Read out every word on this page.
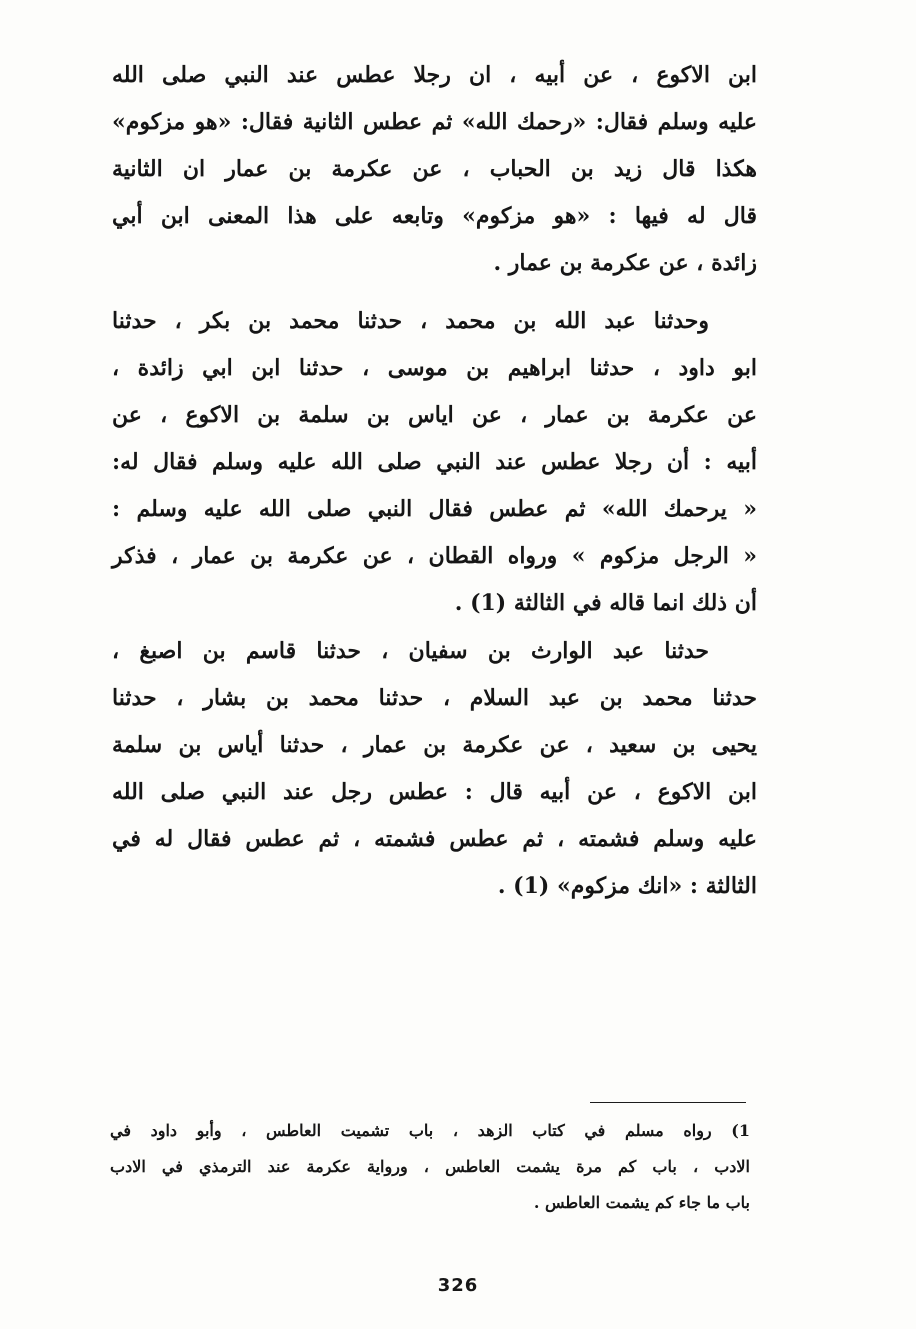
ابن الاكوع ، عن أبيه ، ان رجلا عطس عند النبي صلى الله
عليه وسلم فقال: «رحمك الله» ثم عطس الثانية فقال: «هو مزكوم»
هكذا قال زيد بن الحباب ، عن عكرمة بن عمار ان الثانية
قال له فيها : «هو مزكوم» وتابعه على هذا المعنى ابن أبي
زائدة ، عن عكرمة بن عمار .
وحدثنا عبد الله بن محمد ، حدثنا محمد بن بكر ، حدثنا
ابو داود ، حدثنا ابراهيم بن موسى ، حدثنا ابن ابي زائدة ،
عن عكرمة بن عمار ، عن اياس بن سلمة بن الاكوع ، عن
أبيه : أن رجلا عطس عند النبي صلى الله عليه وسلم فقال له:
« يرحمك الله» ثم عطس فقال النبي صلى الله عليه وسلم :
« الرجل مزكوم » ورواه القطان ، عن عكرمة بن عمار ، فذكر
أن ذلك انما قاله في الثالثة (1) .
حدثنا عبد الوارث بن سفيان ، حدثنا قاسم بن اصبغ ،
حدثنا محمد بن عبد السلام ، حدثنا محمد بن بشار ، حدثنا
يحيى بن سعيد ، عن عكرمة بن عمار ، حدثنا أياس بن سلمة
ابن الاكوع ، عن أبيه قال : عطس رجل عند النبي صلى الله
عليه وسلم فشمته ، ثم عطس فشمته ، ثم عطس فقال له في
الثالثة : «انك مزكوم» (1) .
1) رواه مسلم في كتاب الزهد ، باب تشميت العاطس ، وأبو داود في
الادب ، باب كم مرة يشمت العاطس ، ورواية عكرمة عند الترمذي في الادب
باب ما جاء كم يشمت العاطس .
326
